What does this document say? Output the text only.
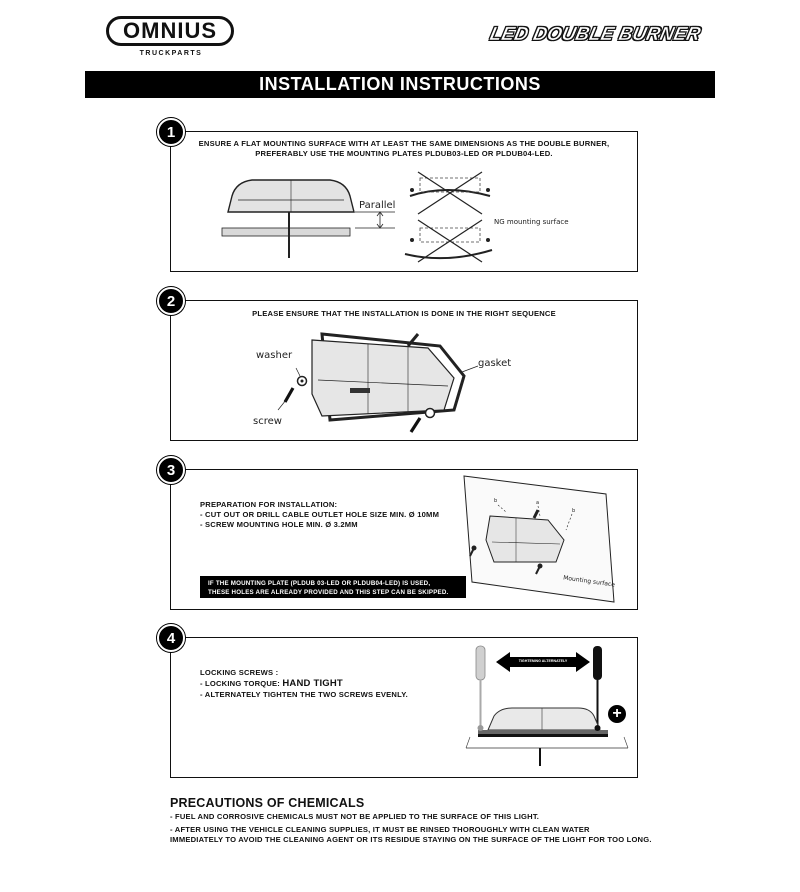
OMNIUS
TRUCKPARTS
LED DOUBLE BURNER
INSTALLATION INSTRUCTIONS
1
ENSURE A FLAT MOUNTING SURFACE WITH AT LEAST THE SAME DIMENSIONS AS THE DOUBLE BURNER,
PREFERABLY USE THE MOUNTING PLATES PLDUB03-LED OR PLDUB04-LED.
Parallel
NG mounting surface
2
PLEASE ENSURE THAT THE INSTALLATION IS DONE IN THE RIGHT SEQUENCE
washer
screw
gasket
3
PREPARATION FOR INSTALLATION:
- CUT OUT OR DRILL CABLE OUTLET HOLE SIZE MIN. Ø 10MM
- SCREW MOUNTING HOLE MIN. Ø 3.2MM
IF THE MOUNTING PLATE (PLDUB 03-LED OR PLDUB04-LED) IS USED,
THESE HOLES ARE ALREADY PROVIDED AND THIS STEP CAN BE SKIPPED.
b	a
b
Mounting surface
4
LOCKING SCREWS :
- LOCKING TORQUE: HAND TIGHT
- ALTERNATELY TIGHTEN THE TWO SCREWS EVENLY.
TIGHTENING ALTERNATELY
+
PRECAUTIONS OF CHEMICALS
- FUEL AND CORROSIVE CHEMICALS MUST NOT BE APPLIED TO THE SURFACE OF THIS LIGHT.
- AFTER USING THE VEHICLE CLEANING SUPPLIES, IT MUST BE RINSED THOROUGHLY WITH CLEAN WATER
IMMEDIATELY TO AVOID THE CLEANING AGENT OR ITS RESIDUE STAYING ON THE SURFACE OF THE LIGHT FOR TOO LONG.
